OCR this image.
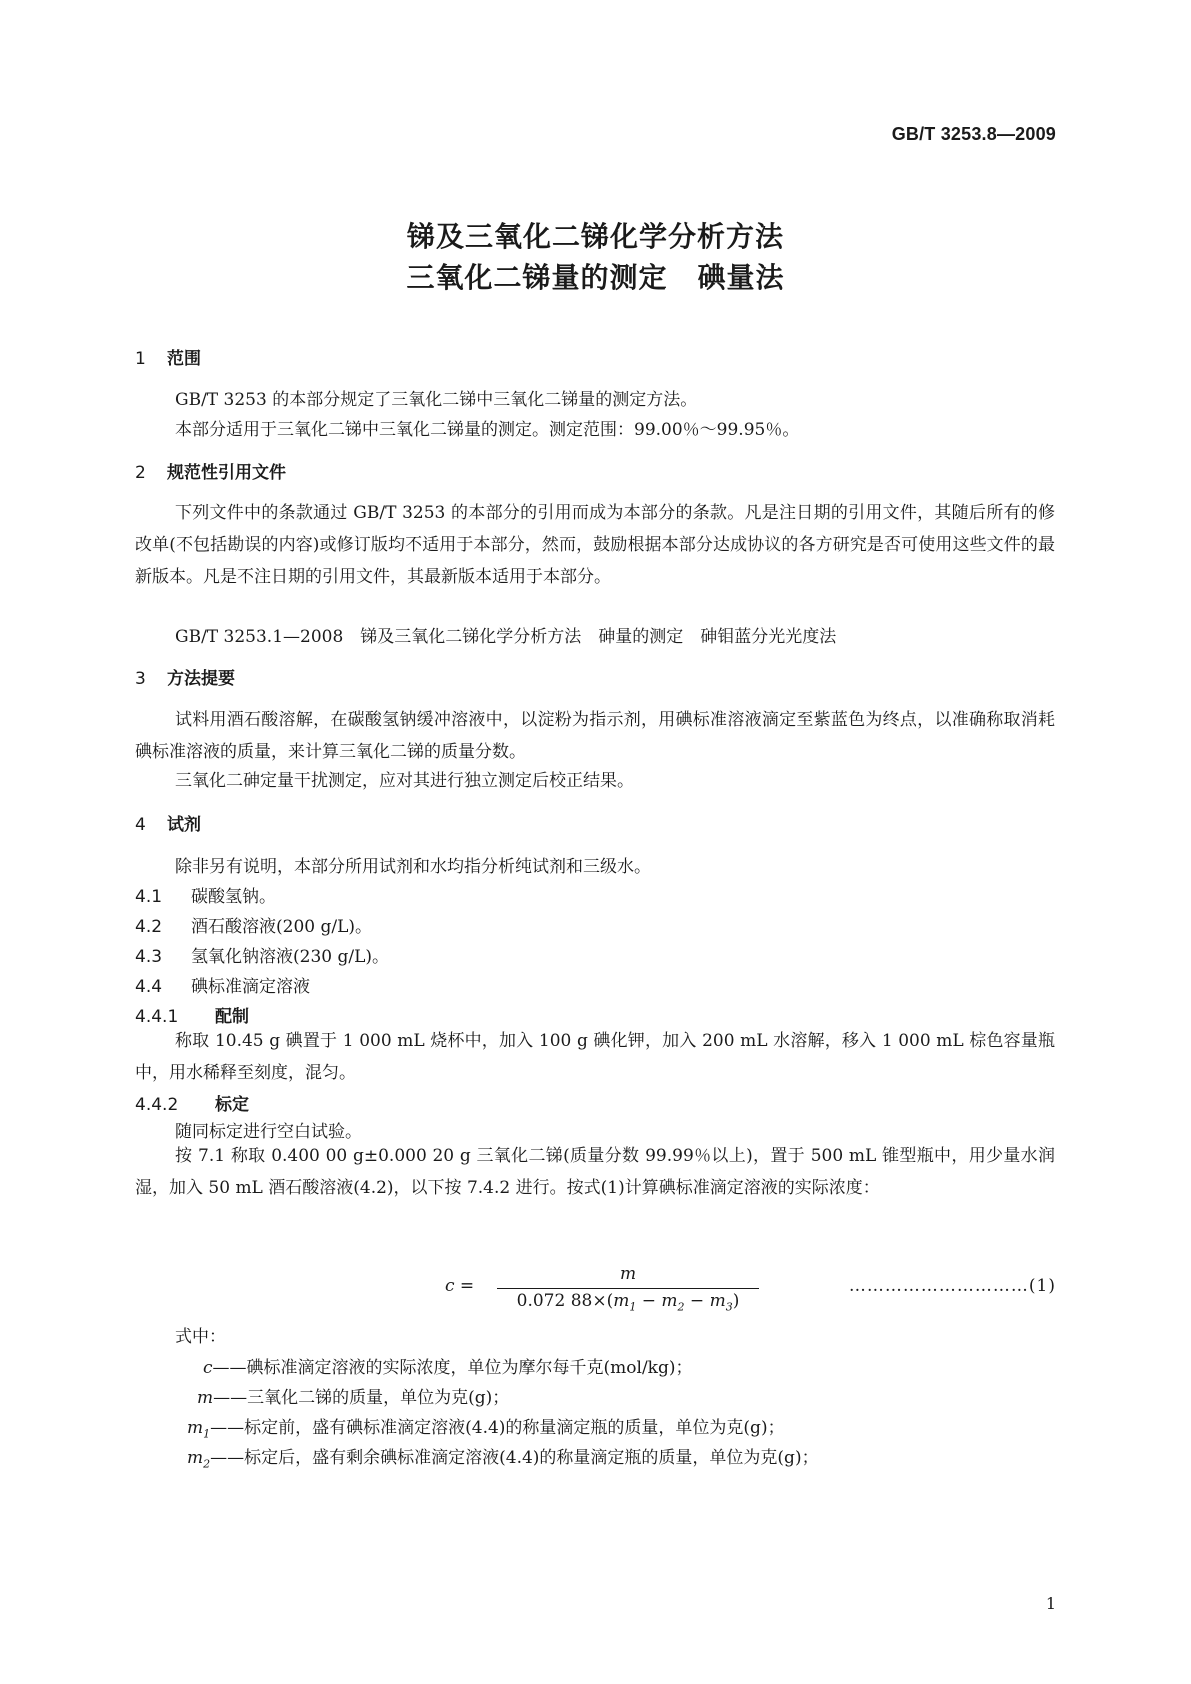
GB/T 3253.8—2009
锑及三氧化二锑化学分析方法
三氧化二锑量的测定 碘量法
1 范围
GB/T 3253 的本部分规定了三氧化二锑中三氧化二锑量的测定方法。
本部分适用于三氧化二锑中三氧化二锑量的测定。测定范围：99.00％～99.95％。
2 规范性引用文件
下列文件中的条款通过 GB/T 3253 的本部分的引用而成为本部分的条款。凡是注日期的引用文件，其随后所有的修改单(不包括勘误的内容)或修订版均不适用于本部分，然而，鼓励根据本部分达成协议的各方研究是否可使用这些文件的最新版本。凡是不注日期的引用文件，其最新版本适用于本部分。
GB/T 3253.1—2008　锑及三氧化二锑化学分析方法　砷量的测定　砷钼蓝分光光度法
3 方法提要
试料用酒石酸溶解，在碳酸氢钠缓冲溶液中，以淀粉为指示剂，用碘标准溶液滴定至紫蓝色为终点，以准确称取消耗碘标准溶液的质量，来计算三氧化二锑的质量分数。
三氧化二砷定量干扰测定，应对其进行独立测定后校正结果。
4 试剂
除非另有说明，本部分所用试剂和水均指分析纯试剂和三级水。
4.1 碳酸氢钠。
4.2 酒石酸溶液(200 g/L)。
4.3 氢氧化钠溶液(230 g/L)。
4.4 碘标准滴定溶液
4.4.1 配制
称取 10.45 g 碘置于 1 000 mL 烧杯中，加入 100 g 碘化钾，加入 200 mL 水溶解，移入 1 000 mL 棕色容量瓶中，用水稀释至刻度，混匀。
4.4.2 标定
随同标定进行空白试验。
按 7.1 称取 0.400 00 g±0.000 20 g 三氧化二锑(质量分数 99.99％以上)，置于 500 mL 锥型瓶中，用少量水润湿，加入 50 mL 酒石酸溶液(4.2)，以下按 7.4.2 进行。按式(1)计算碘标准滴定溶液的实际浓度：
c =
m
0.072 $88\times(m_1 - m_2 - m_3)$
…………………………(1)
式中：
c——碘标准滴定溶液的实际浓度，单位为摩尔每千克(mol/kg)；
m——三氧化二锑的质量，单位为克(g)；
$m_1——$标定前，盛有碘标准滴定溶液(4.4)的称量滴定瓶的质量，单位为克(g)；
$m_2——$标定后，盛有剩余碘标准滴定溶液(4.4)的称量滴定瓶的质量，单位为克(g)；
1
